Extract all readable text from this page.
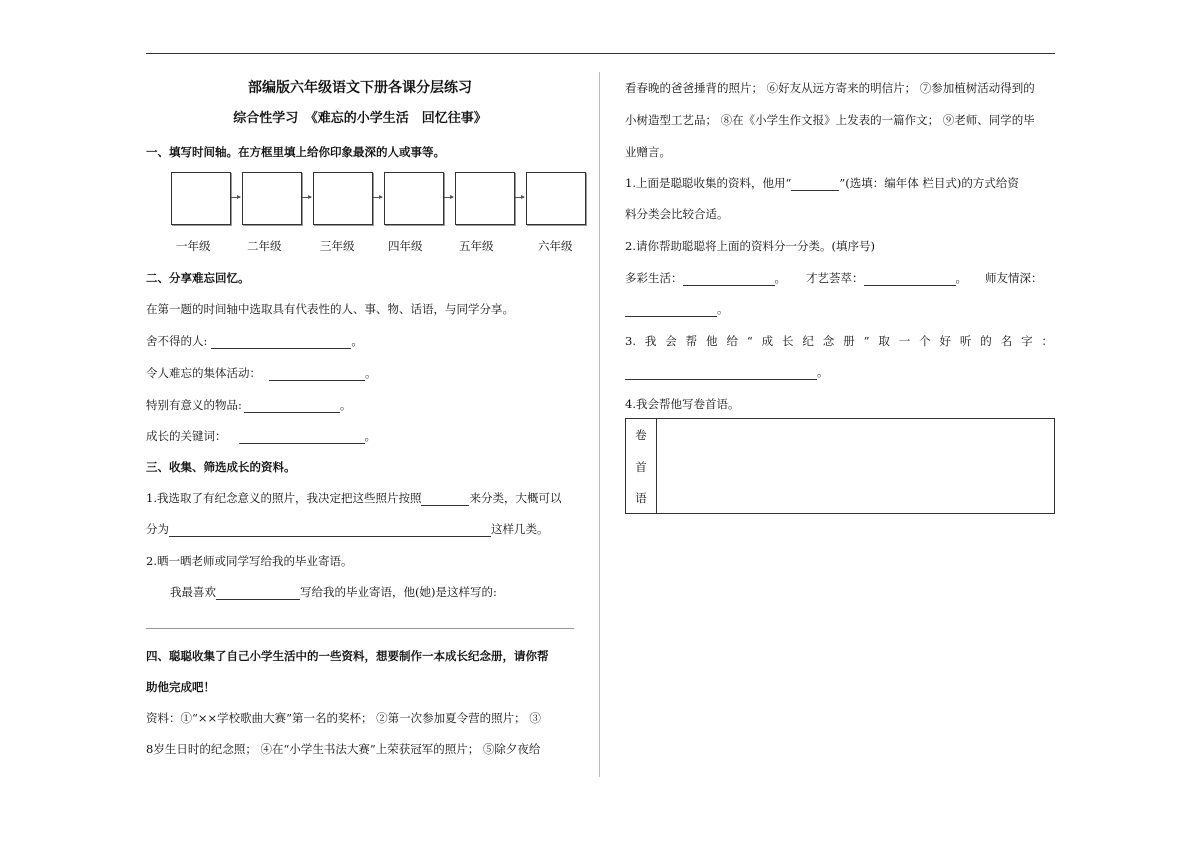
部编版六年级语文下册各课分层练习
综合性学习　《难忘的小学生活　回忆往事》
一、填写时间轴。在方框里填上给你印象最深的人或事等。
一年级	二年级	三年级	四年级	五年级	六年级
二、分享难忘回忆。
在第一题的时间轴中选取具有代表性的人、事、物、话语，与同学分享。
舍不得的人:	。
令人难忘的集体活动：	。
特别有意义的物品:	。
成长的关键词：	。
三、收集、筛选成长的资料。
1.我选取了有纪念意义的照片，我决定把这些照片按照	来分类，大概可以
分为	这样几类。
2.晒一晒老师或同学写给我的毕业寄语。
我最喜欢	写给我的毕业寄语，他(她)是这样写的:
四、聪聪收集了自己小学生活中的一些资料，想要制作一本成长纪念册，请你帮
助他完成吧！
资料：①“××学校歌曲大赛”第一名的奖杯； ②第一次参加夏令营的照片； ③
8岁生日时的纪念照； ④在“小学生书法大赛”上荣获冠军的照片； ⑤除夕夜给
看春晚的爸爸捶背的照片； ⑥好友从远方寄来的明信片； ⑦参加植树活动得到的
小树造型工艺品； ⑧在《小学生作文报》上发表的一篇作文； ⑨老师、同学的毕
业赠言。
1.上面是聪聪收集的资料，他用“	”(选填：编年体 栏目式)的方式给资
料分类会比较合适。
2.请你帮助聪聪将上面的资料分一分类。(填序号)
多彩生活：	。 才艺荟萃：	。 师友情深：
。
3. 我 会 帮 他 给 “ 成 长 纪 念 册 ” 取 一 个 好 听 的 名 字 ：
。
4.我会帮他写卷首语。
卷
首
语
